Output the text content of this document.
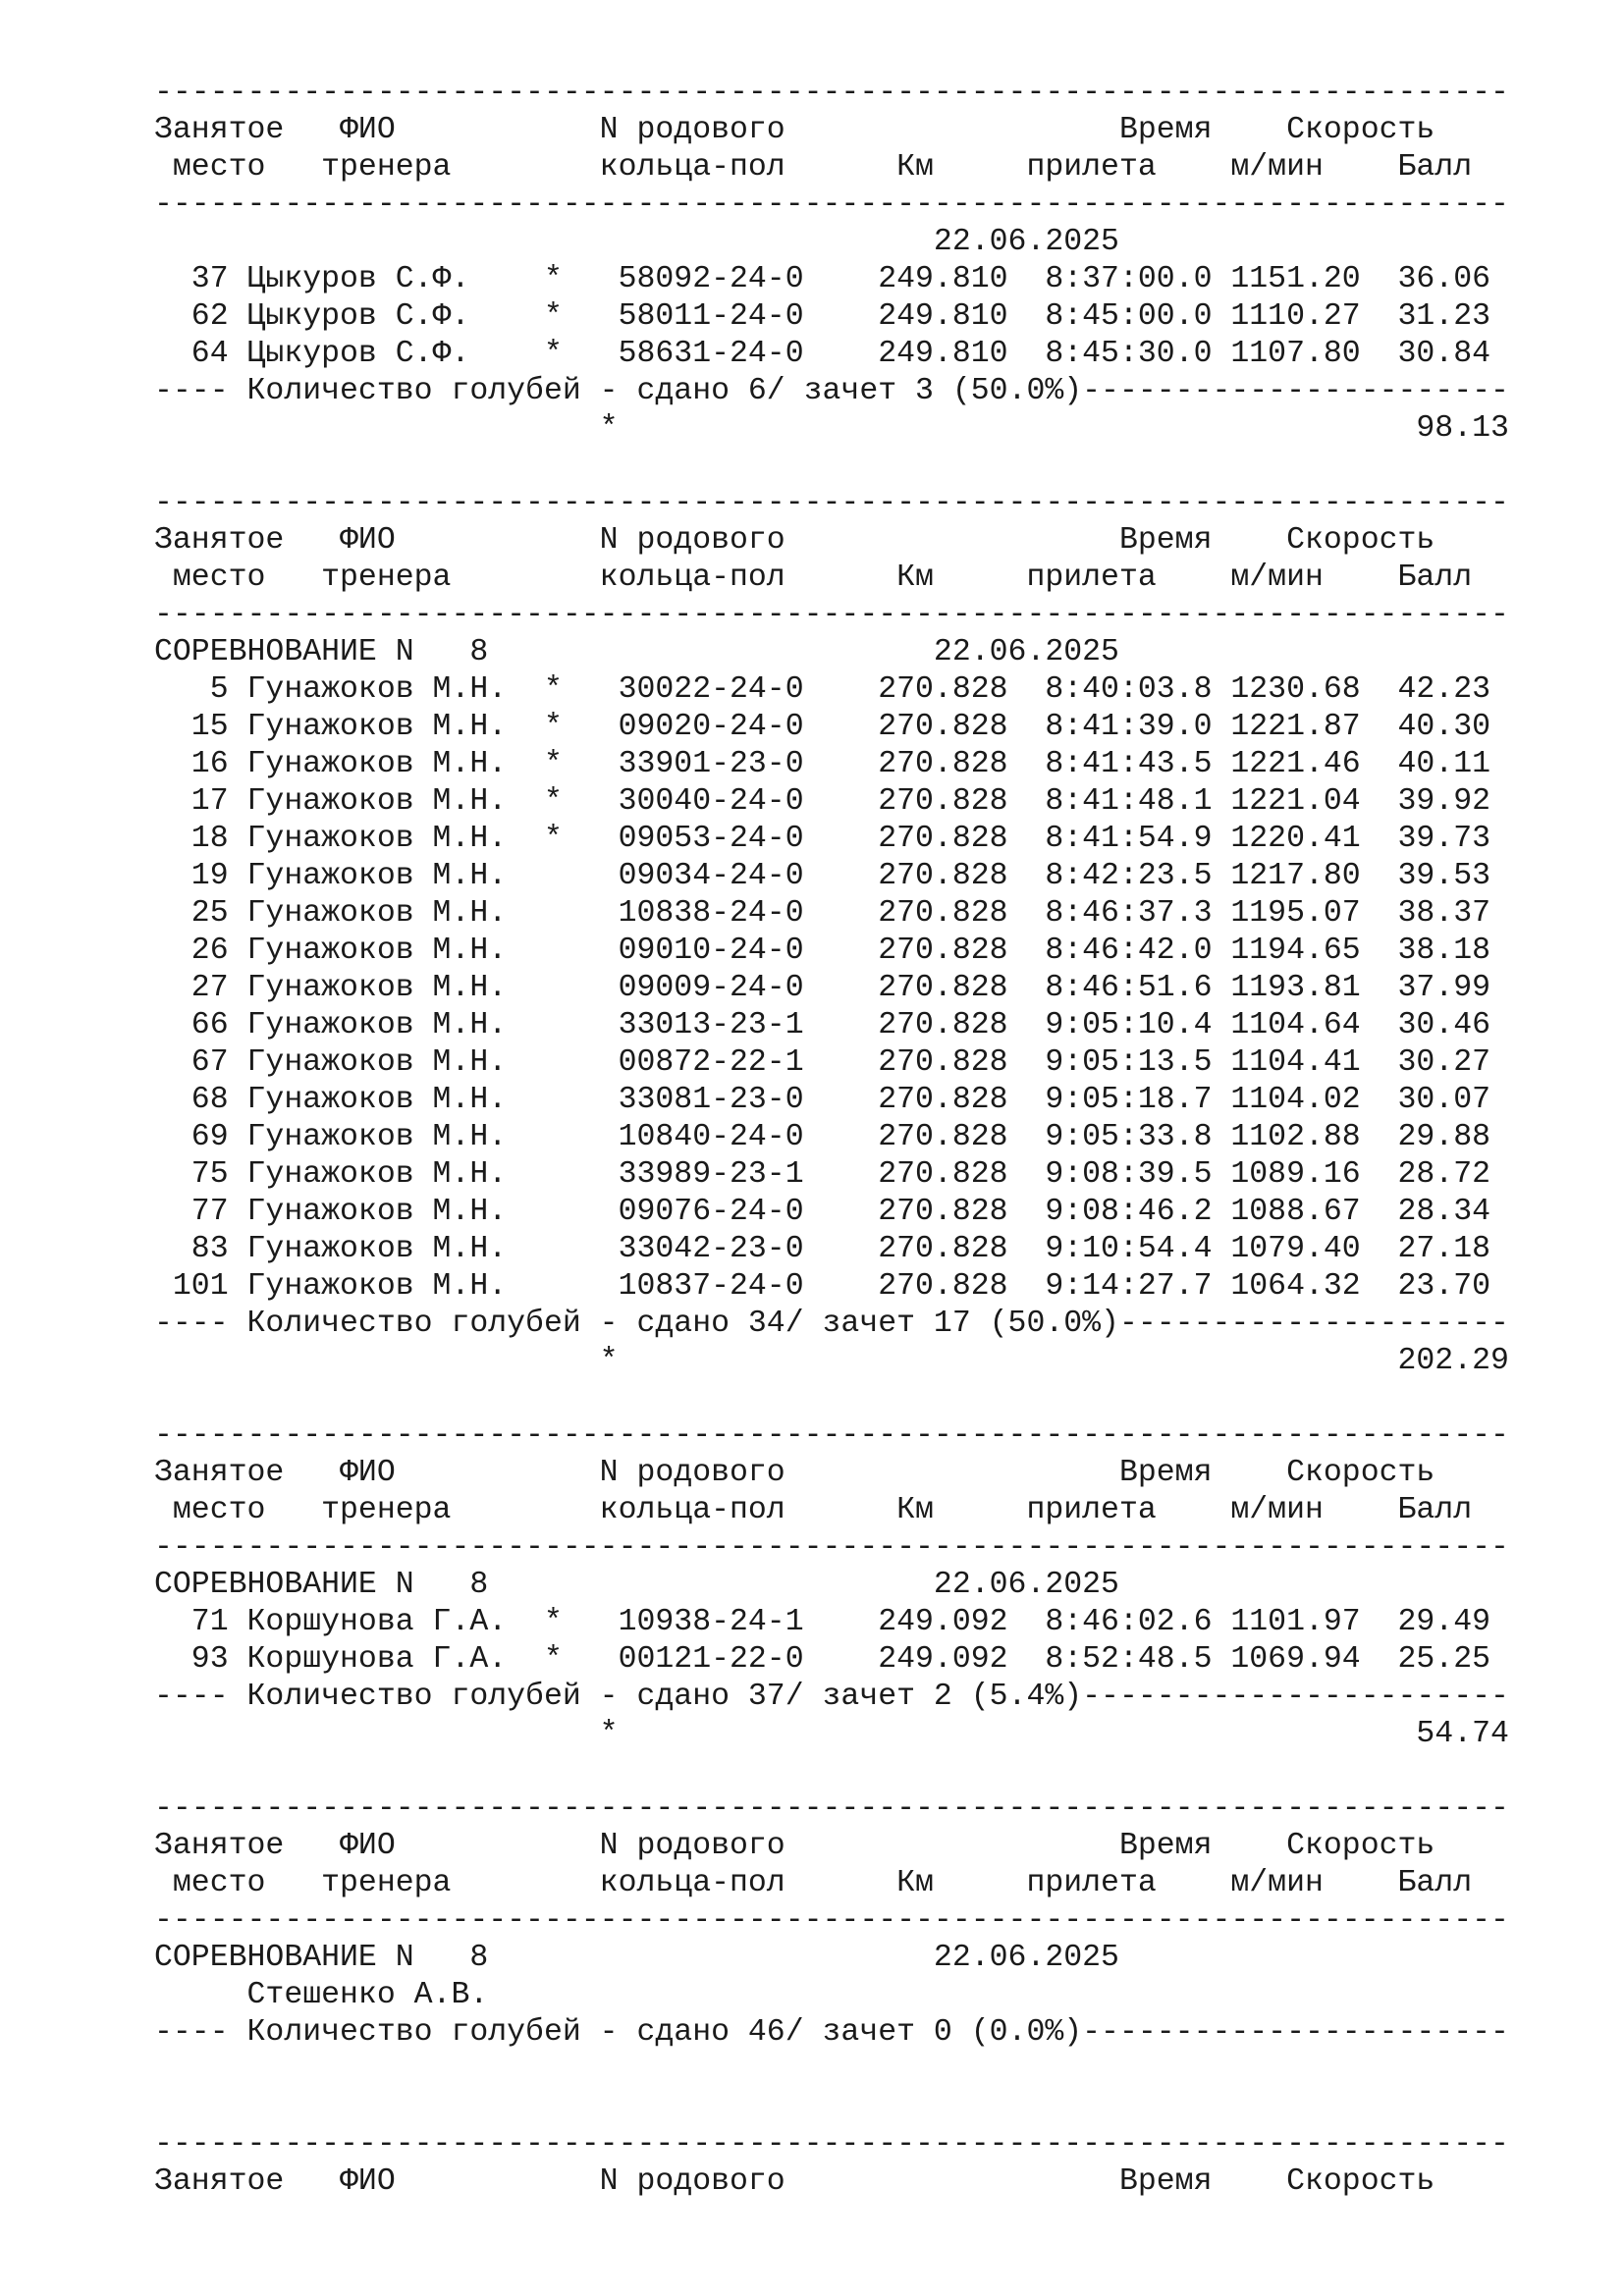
-------------------------------------------------------------------------
Занятое   ФИО           N родового                  Время    Скорость
место   тренера        кольца-пол      Км     прилета    м/мин    Балл
-------------------------------------------------------------------------
22.06.2025
37 Цыкуров С.Ф.    *   58092-24-0    249.810  8:37:00.0 1151.20  36.06
62 Цыкуров С.Ф.    *   58011-24-0    249.810  8:45:00.0 1110.27  31.23
64 Цыкуров С.Ф.    *   58631-24-0    249.810  8:45:30.0 1107.80  30.84
---- Количество голубей - сдано 6/ зачет 3 (50.0%)-----------------------
*                                           98.13
-------------------------------------------------------------------------
Занятое   ФИО           N родового                  Время    Скорость
место   тренера        кольца-пол      Км     прилета    м/мин    Балл
-------------------------------------------------------------------------
СОРЕВНОВАНИЕ N   8                        22.06.2025
5 Гунажоков М.Н.  *   30022-24-0    270.828  8:40:03.8 1230.68  42.23
15 Гунажоков М.Н.  *   09020-24-0    270.828  8:41:39.0 1221.87  40.30
16 Гунажоков М.Н.  *   33901-23-0    270.828  8:41:43.5 1221.46  40.11
17 Гунажоков М.Н.  *   30040-24-0    270.828  8:41:48.1 1221.04  39.92
18 Гунажоков М.Н.  *   09053-24-0    270.828  8:41:54.9 1220.41  39.73
19 Гунажоков М.Н.      09034-24-0    270.828  8:42:23.5 1217.80  39.53
25 Гунажоков М.Н.      10838-24-0    270.828  8:46:37.3 1195.07  38.37
26 Гунажоков М.Н.      09010-24-0    270.828  8:46:42.0 1194.65  38.18
27 Гунажоков М.Н.      09009-24-0    270.828  8:46:51.6 1193.81  37.99
66 Гунажоков М.Н.      33013-23-1    270.828  9:05:10.4 1104.64  30.46
67 Гунажоков М.Н.      00872-22-1    270.828  9:05:13.5 1104.41  30.27
68 Гунажоков М.Н.      33081-23-0    270.828  9:05:18.7 1104.02  30.07
69 Гунажоков М.Н.      10840-24-0    270.828  9:05:33.8 1102.88  29.88
75 Гунажоков М.Н.      33989-23-1    270.828  9:08:39.5 1089.16  28.72
77 Гунажоков М.Н.      09076-24-0    270.828  9:08:46.2 1088.67  28.34
83 Гунажоков М.Н.      33042-23-0    270.828  9:10:54.4 1079.40  27.18
101 Гунажоков М.Н.      10837-24-0    270.828  9:14:27.7 1064.32  23.70
---- Количество голубей - сдано 34/ зачет 17 (50.0%)---------------------
*                                          202.29
-------------------------------------------------------------------------
Занятое   ФИО           N родового                  Время    Скорость
место   тренера        кольца-пол      Км     прилета    м/мин    Балл
-------------------------------------------------------------------------
СОРЕВНОВАНИЕ N   8                        22.06.2025
71 Коршунова Г.А.  *   10938-24-1    249.092  8:46:02.6 1101.97  29.49
93 Коршунова Г.А.  *   00121-22-0    249.092  8:52:48.5 1069.94  25.25
---- Количество голубей - сдано 37/ зачет 2 (5.4%)-----------------------
*                                           54.74
-------------------------------------------------------------------------
Занятое   ФИО           N родового                  Время    Скорость
место   тренера        кольца-пол      Км     прилета    м/мин    Балл
-------------------------------------------------------------------------
СОРЕВНОВАНИЕ N   8                        22.06.2025
Стешенко А.В.
---- Количество голубей - сдано 46/ зачет 0 (0.0%)-----------------------
-------------------------------------------------------------------------
Занятое   ФИО           N родового                  Время    Скорость
